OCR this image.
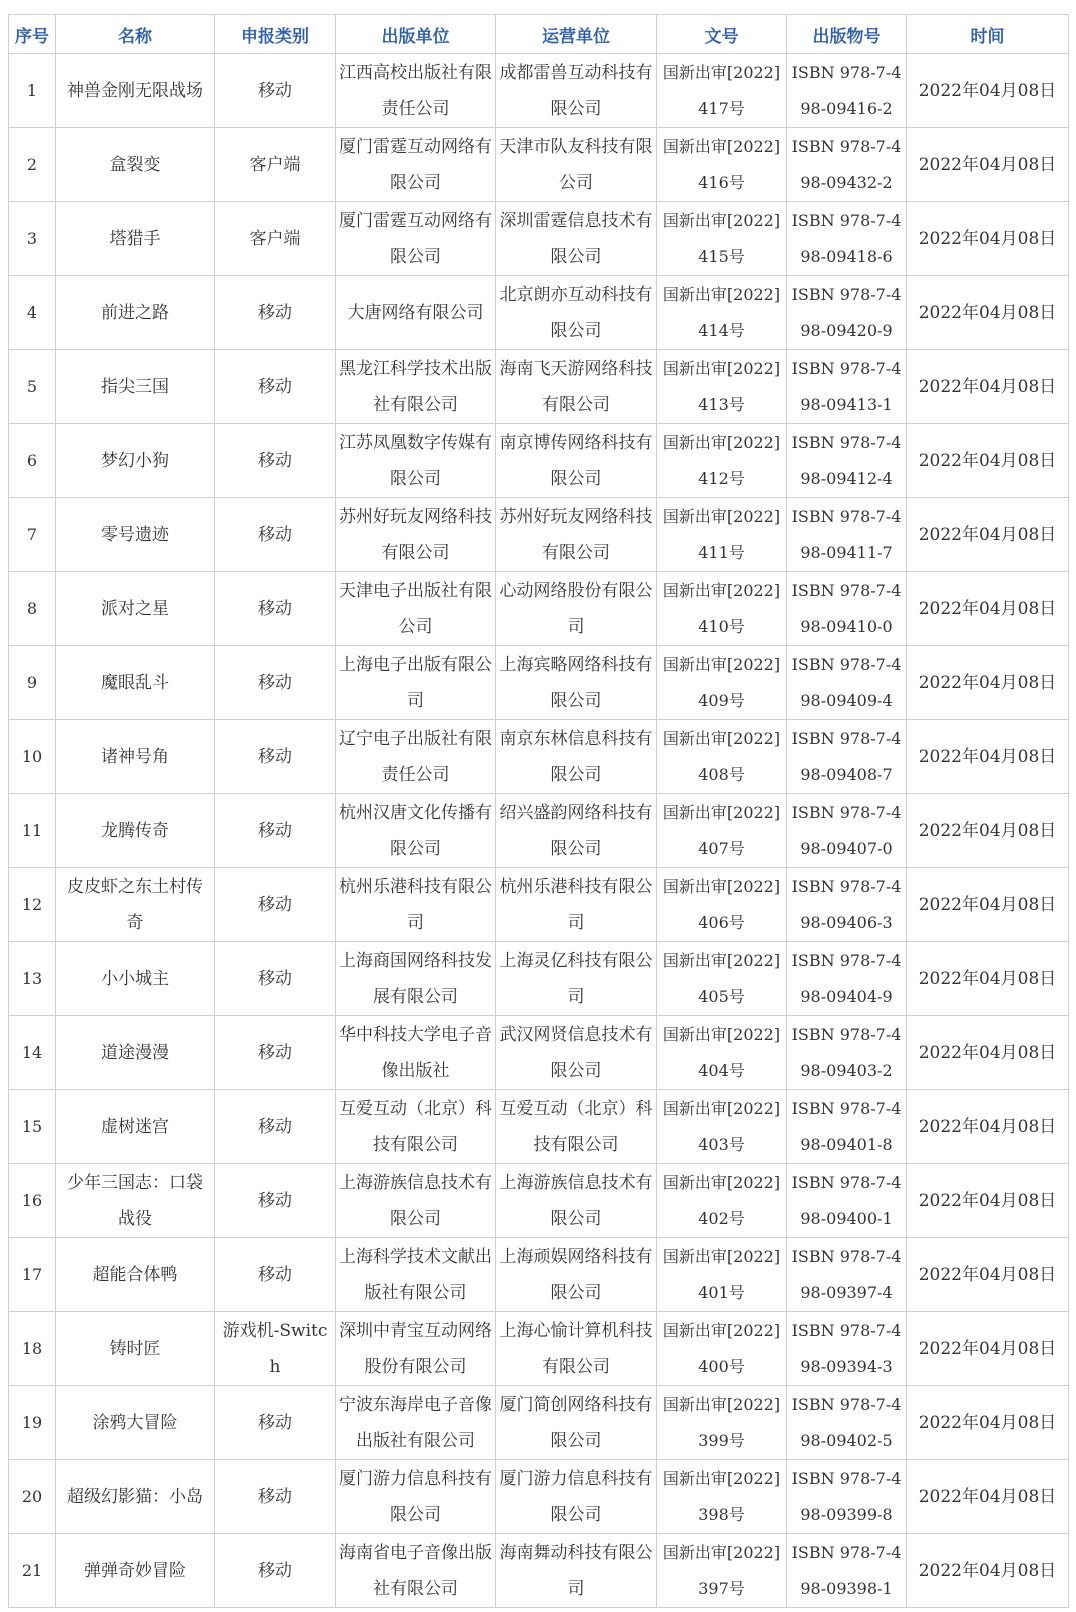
序号	名称	申报类别	出版单位	运营单位	文号	出版物号	时间
1	神兽金刚无限战场	移动	江西高校出版社有限责任公司	成都雷兽互动科技有限公司	国新出审[2022]417号	ISBN 978-7-498-09416-2	2022年04月08日
2	盒裂变	客户端	厦门雷霆互动网络有限公司	天津市队友科技有限公司	国新出审[2022]416号	ISBN 978-7-498-09432-2	2022年04月08日
3	塔猎手	客户端	厦门雷霆互动网络有限公司	深圳雷霆信息技术有限公司	国新出审[2022]415号	ISBN 978-7-498-09418-6	2022年04月08日
4	前进之路	移动	大唐网络有限公司	北京朗亦互动科技有限公司	国新出审[2022]414号	ISBN 978-7-498-09420-9	2022年04月08日
5	指尖三国	移动	黑龙江科学技术出版社有限公司	海南飞天游网络科技有限公司	国新出审[2022]413号	ISBN 978-7-498-09413-1	2022年04月08日
6	梦幻小狗	移动	江苏凤凰数字传媒有限公司	南京博传网络科技有限公司	国新出审[2022]412号	ISBN 978-7-498-09412-4	2022年04月08日
7	零号遗迹	移动	苏州好玩友网络科技有限公司	苏州好玩友网络科技有限公司	国新出审[2022]411号	ISBN 978-7-498-09411-7	2022年04月08日
8	派对之星	移动	天津电子出版社有限公司	心动网络股份有限公司	国新出审[2022]410号	ISBN 978-7-498-09410-0	2022年04月08日
9	魔眼乱斗	移动	上海电子出版有限公司	上海宾略网络科技有限公司	国新出审[2022]409号	ISBN 978-7-498-09409-4	2022年04月08日
10	诸神号角	移动	辽宁电子出版社有限责任公司	南京东林信息科技有限公司	国新出审[2022]408号	ISBN 978-7-498-09408-7	2022年04月08日
11	龙腾传奇	移动	杭州汉唐文化传播有限公司	绍兴盛韵网络科技有限公司	国新出审[2022]407号	ISBN 978-7-498-09407-0	2022年04月08日
12	皮皮虾之东土村传奇	移动	杭州乐港科技有限公司	杭州乐港科技有限公司	国新出审[2022]406号	ISBN 978-7-498-09406-3	2022年04月08日
13	小小城主	移动	上海商国网络科技发展有限公司	上海灵亿科技有限公司	国新出审[2022]405号	ISBN 978-7-498-09404-9	2022年04月08日
14	道途漫漫	移动	华中科技大学电子音像出版社	武汉网贤信息技术有限公司	国新出审[2022]404号	ISBN 978-7-498-09403-2	2022年04月08日
15	虚树迷宫	移动	互爱互动（北京）科技有限公司	互爱互动（北京）科技有限公司	国新出审[2022]403号	ISBN 978-7-498-09401-8	2022年04月08日
16	少年三国志：口袋战役	移动	上海游族信息技术有限公司	上海游族信息技术有限公司	国新出审[2022]402号	ISBN 978-7-498-09400-1	2022年04月08日
17	超能合体鸭	移动	上海科学技术文献出版社有限公司	上海顽娱网络科技有限公司	国新出审[2022]401号	ISBN 978-7-498-09397-4	2022年04月08日
18	铸时匠	游戏机-Switch	深圳中青宝互动网络股份有限公司	上海心愉计算机科技有限公司	国新出审[2022]400号	ISBN 978-7-498-09394-3	2022年04月08日
19	涂鸦大冒险	移动	宁波东海岸电子音像出版社有限公司	厦门简创网络科技有限公司	国新出审[2022]399号	ISBN 978-7-498-09402-5	2022年04月08日
20	超级幻影猫：小岛	移动	厦门游力信息科技有限公司	厦门游力信息科技有限公司	国新出审[2022]398号	ISBN 978-7-498-09399-8	2022年04月08日
21	弹弹奇妙冒险	移动	海南省电子音像出版社有限公司	海南舞动科技有限公司	国新出审[2022]397号	ISBN 978-7-498-09398-1	2022年04月08日
